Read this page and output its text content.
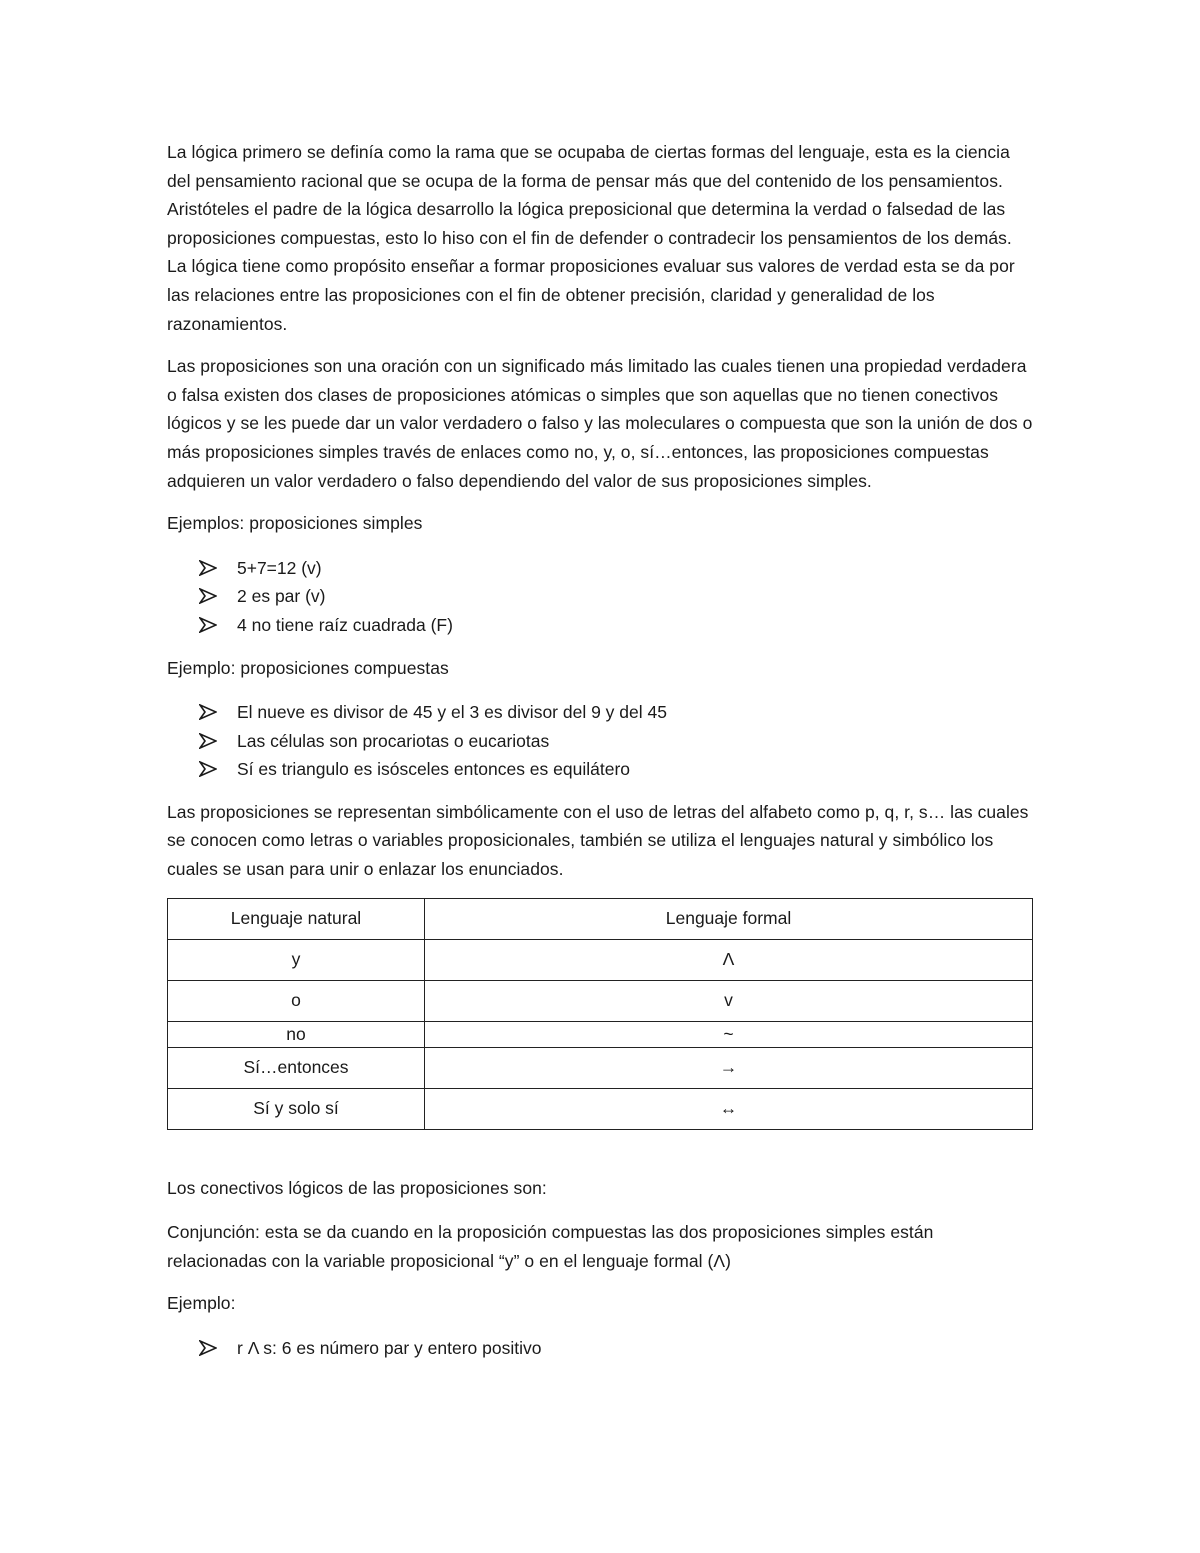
La lógica primero se definía como la rama que se ocupaba de ciertas formas del lenguaje, esta es la ciencia del pensamiento racional que se ocupa de la forma de pensar más que del contenido de los pensamientos. Aristóteles el padre de la lógica desarrollo la lógica preposicional que determina la verdad o falsedad de las proposiciones compuestas, esto lo hiso con el fin de defender o contradecir los pensamientos de los demás. La lógica tiene como propósito enseñar a formar proposiciones evaluar sus valores de verdad esta se da por las relaciones entre las proposiciones con el fin de obtener precisión, claridad y generalidad de los razonamientos.

Las proposiciones son una oración con un significado más limitado las cuales tienen una propiedad verdadera o falsa existen dos clases de proposiciones atómicas o simples que son aquellas que no tienen conectivos lógicos y se les puede dar un valor verdadero o falso y las moleculares o compuesta que son la unión de dos o más proposiciones simples través de enlaces como no, y, o, sí…entonces, las proposiciones compuestas adquieren un valor verdadero o falso dependiendo del valor de sus proposiciones simples.

Ejemplos: proposiciones simples

5+7=12 (v)
2 es par (v)
4 no tiene raíz cuadrada (F)

Ejemplo: proposiciones compuestas

El nueve es divisor de 45 y el 3 es divisor del 9 y del 45
Las células son procariotas o eucariotas
Sí es triangulo es isósceles entonces es equilátero

Las proposiciones se representan simbólicamente con el uso de letras del alfabeto como p, q, r, s… las cuales se conocen como letras o variables proposicionales, también se utiliza el lenguajes natural y simbólico los cuales se usan para unir o enlazar los enunciados.

Lenguaje natural	Lenguaje formal
y	Λ
o	v
no	~
Sí…entonces	→
Sí y solo sí	↔

Los conectivos lógicos de las proposiciones son:

Conjunción: esta se da cuando en la proposición compuestas las dos proposiciones simples están relacionadas con la variable proposicional “y” o en el lenguaje formal (Λ)

Ejemplo:

r Λ s: 6 es número par y entero positivo
